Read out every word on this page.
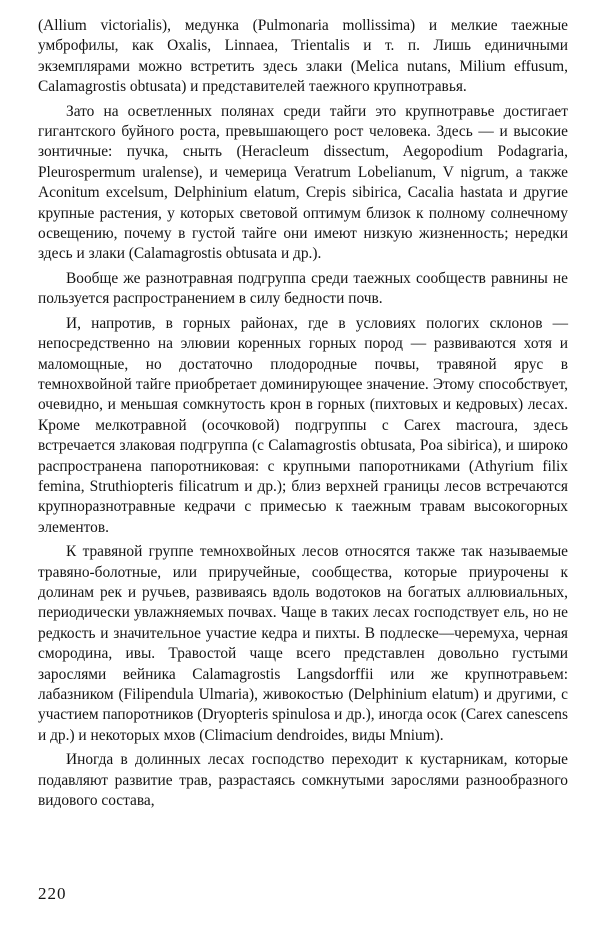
(Allium victorialis), медунка (Pulmonaria mollissima) и мелкие таежные умброфилы, как Oxalis, Linnaea, Trientalis и т. п. Лишь единичными экземплярами можно встретить здесь злаки (Melica nutans, Milium effusum, Calamagrostis obtusata) и представителей таежного крупнотравья.

Зато на осветленных полянах среди тайги это крупнотравье достигает гигантского буйного роста, превышающего рост человека. Здесь — и высокие зонтичные: пучка, сныть (Heracleum dissectum, Aegopodium Podagraria, Pleurospermum uralense), и чемерица Veratrum Lobelianum, V nigrum, а также Aconitum excelsum, Delphinium elatum, Crepis sibirica, Cacalia hastata и другие крупные растения, у которых световой оптимум близок к полному солнечному освещению, почему в густой тайге они имеют низкую жизненность; нередки здесь и злаки (Calamagrostis obtusata и др.).

Вообще же разнотравная подгруппа среди таежных сообществ равнины не пользуется распространением в силу бедности почв.

И, напротив, в горных районах, где в условиях пологих склонов — непосредственно на элювии коренных горных пород — развиваются хотя и маломощные, но достаточно плодородные почвы, травяной ярус в темнохвойной тайге приобретает доминирующее значение. Этому способствует, очевидно, и меньшая сомкнутость крон в горных (пихтовых и кедровых) лесах. Кроме мелкотравной (осочковой) подгруппы с Carex macroura, здесь встречается злаковая подгруппа (с Calamagrostis obtusata, Poa sibirica), и широко распространена папоротниковая: с крупными папоротниками (Athyrium filix femina, Struthiopteris filicatrum и др.); близ верхней границы лесов встречаются крупноразнотравные кедрачи с примесью к таежным травам высокогорных элементов.

К травяной группе темнохвойных лесов относятся также так называемые травяно-болотные, или приручейные, сообщества, которые приурочены к долинам рек и ручьев, развиваясь вдоль водотоков на богатых аллювиальных, периодически увлажняемых почвах. Чаще в таких лесах господствует ель, но не редкость и значительное участие кедра и пихты. В подлеске—черемуха, черная смородина, ивы. Травостой чаще всего представлен довольно густыми зарослями вейника Calamagrostis Langsdorffii или же крупнотравьем: лабазником (Filipendula Ulmaria), живокостью (Delphinium elatum) и другими, с участием папоротников (Dryopteris spinulosa и др.), иногда осок (Carex canescens и др.) и некоторых мхов (Climacium dendroides, виды Mnium).

Иногда в долинных лесах господство переходит к кустарникам, которые подавляют развитие трав, разрастаясь сомкнутыми зарослями разнообразного видового состава,

220
